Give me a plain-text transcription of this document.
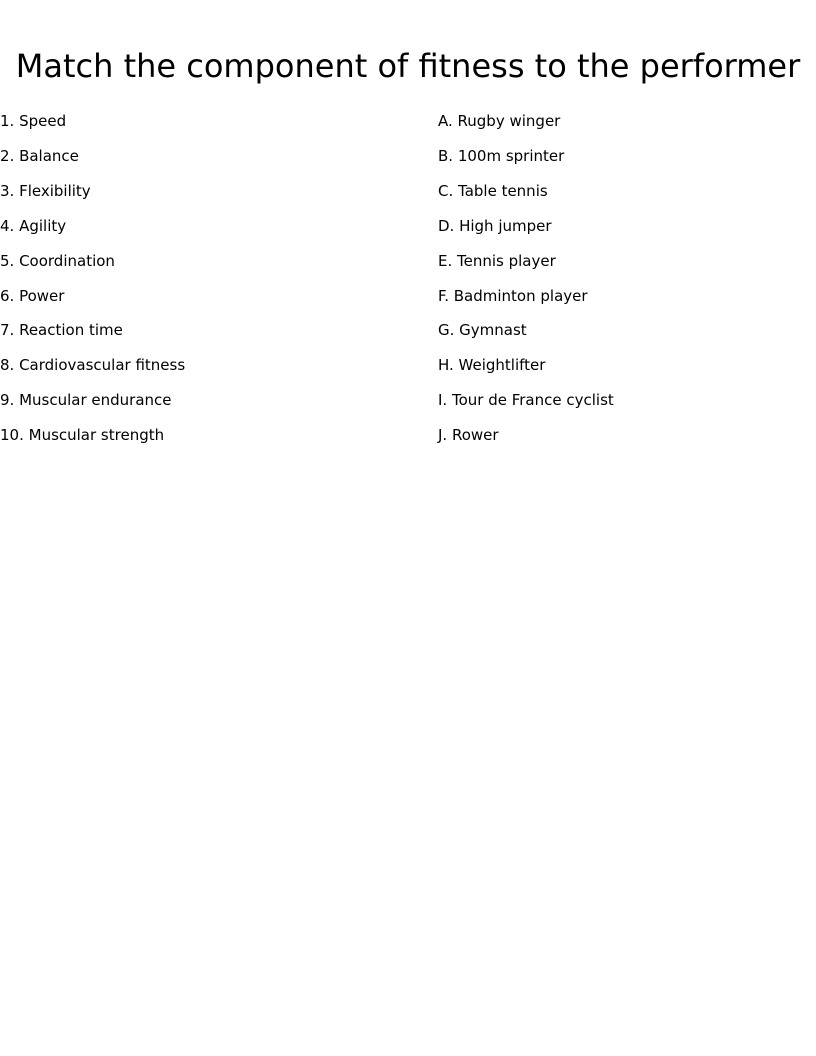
Match the component of fitness to the performer
1. Speed
2. Balance
3. Flexibility
4. Agility
5. Coordination
6. Power
7. Reaction time
8. Cardiovascular fitness
9. Muscular endurance
10. Muscular strength
A. Rugby winger
B. 100m sprinter
C. Table tennis
D. High jumper
E. Tennis player
F. Badminton player
G. Gymnast
H. Weightlifter
I. Tour de France cyclist
J. Rower
